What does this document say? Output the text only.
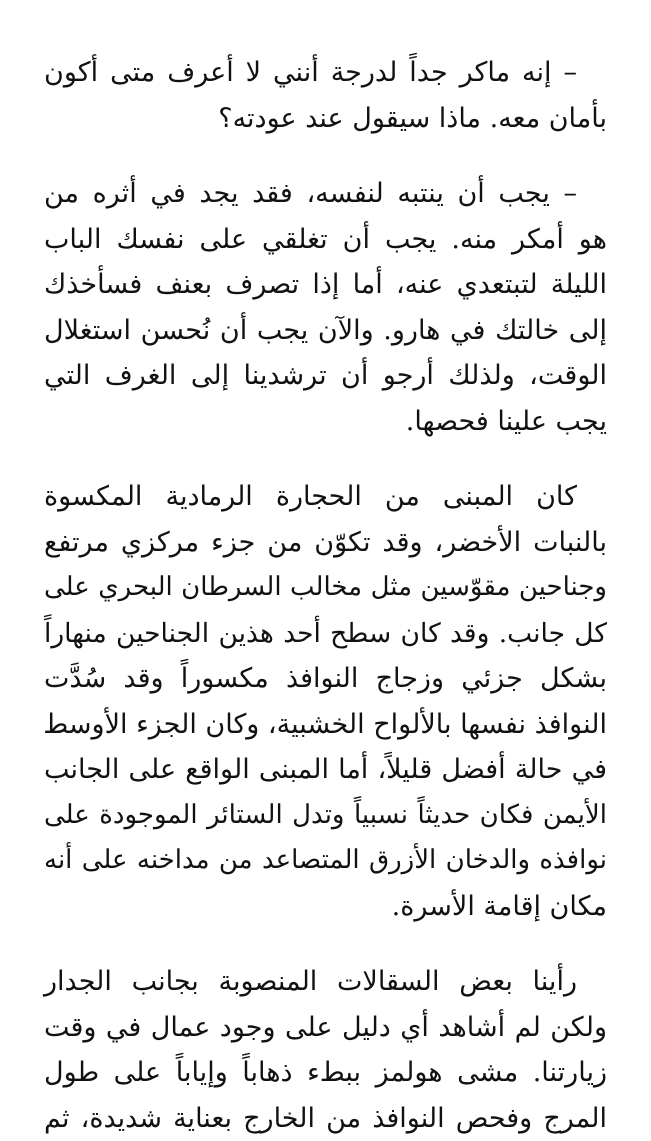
– إنه ماكر جداً لدرجة أنني لا أعرف متى أكون
بأمان معه. ماذا سيقول عند عودته؟

– يجب أن ينتبه لنفسه، فقد يجد في أثره من
هو أمكر منه. يجب أن تغلقي على نفسك الباب
الليلة لتبتعدي عنه، أما إذا تصرف بعنف فسأخذك
إلى خالتك في هارو. والآن يجب أن نُحسن استغلال
الوقت، ولذلك أرجو أن ترشدينا إلى الغرف التي
يجب علينا فحصها.

كان المبنى من الحجارة الرمادية المكسوة
بالنبات الأخضر، وقد تكوّن من جزء مركزي مرتفع
وجناحين مقوّسين مثل مخالب السرطان البحري على
كل جانب. وقد كان سطح أحد هذين الجناحين منهاراً
بشكل جزئي وزجاج النوافذ مكسوراً وقد سُدَّت
النوافذ نفسها بالألواح الخشبية، وكان الجزء الأوسط
في حالة أفضل قليلاً، أما المبنى الواقع على الجانب
الأيمن فكان حديثاً نسبياً وتدل الستائر الموجودة على
نوافذه والدخان الأزرق المتصاعد من مداخنه على أنه
مكان إقامة الأسرة.

رأينا بعض السقالات المنصوبة بجانب الجدار
ولكن لم أشاهد أي دليل على وجود عمال في وقت
زيارتنا. مشى هولمز ببطء ذهاباً وإياباً على طول
المرج وفحص النوافذ من الخارج بعناية شديدة، ثم
